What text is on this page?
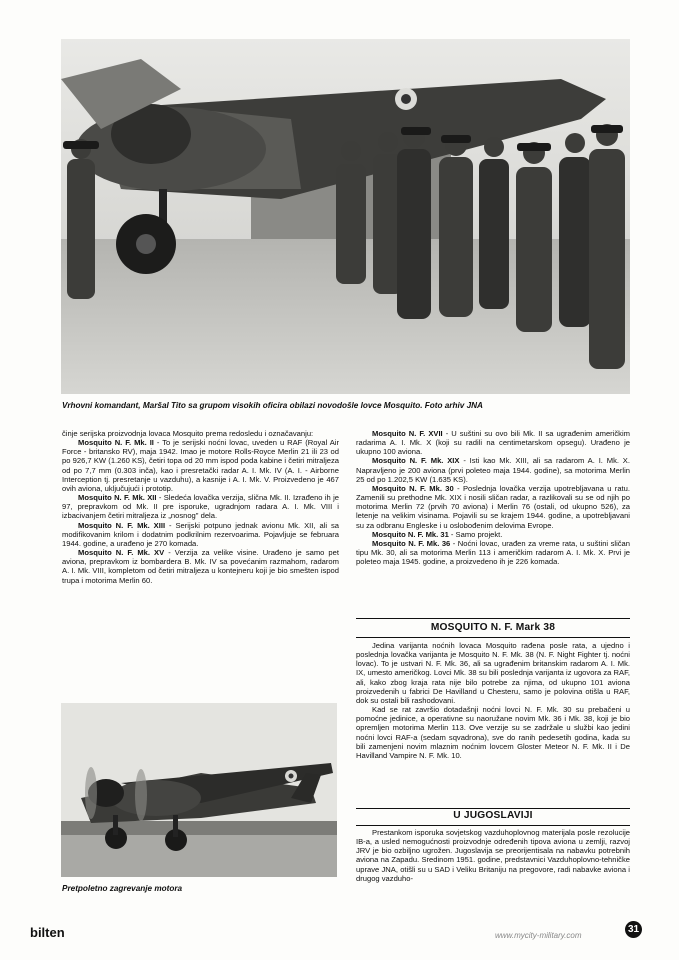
Vrhovni komandant, Maršal Tito sa grupom visokih oficira obilazi novodošle lovce Mosquito. Foto arhiv JNA

činje serijska proizvodnja lovaca Mosquito prema redosledu i označavanju:

Mosquito N. F. Mk. II - To je serijski noćni lovac, uveden u RAF (Royal Air Force - britansko RV), maja 1942. Imao je motore Rolls-Royce Merlin 21 ili 23 od po 926,7 KW (1.260 KS), četiri topa od 20 mm ispod poda kabine i četiri mitraljeza od po 7,7 mm (0.303 inča), kao i presretački radar A. I. Mk. IV (A. I. - Airborne Interception tj. presretanje u vazduhu), a kasnije i A. I. Mk. V. Proizvedeno je 467 ovih aviona, uključujući i prototip.

Mosquito N. F. Mk. XII - Sledeća lovačka verzija, slična Mk. II. Izrađeno ih je 97, prepravkom od Mk. II pre isporuke, ugradnjom radara A. I. Mk. VIII i izbacivanjem četiri mitraljeza iz „nosnog" dela.

Mosquito N. F. Mk. XIII - Serijski potpuno jednak avionu Mk. XII, ali sa modifikovanim krilom i dodatnim podkrilnim rezervoarima. Pojavljuje se februara 1944. godine, a urađeno je 270 komada.

Mosquito N. F. Mk. XV - Verzija za velike visine. Urađeno je samo pet aviona, prepravkom iz bombardera B. Mk. IV sa povećanim razmahom, radarom A. I. Mk. VIII, kompletom od četiri mitraljeza u kontejneru koji je bio smešten ispod trupa i motorima Merlin 60.

Pretpoletno zagrevanje motora

Mosquito N. F. XVII - U suštini su ovo bili Mk. II sa ugrađenim američkim radarima A. I. Mk. X (koji su radili na centimetarskom opsegu). Urađeno je ukupno 100 aviona.

Mosquito N. F. Mk. XIX - Isti kao Mk. XIII, ali sa radarom A. I. Mk. X. Napravljeno je 200 aviona (prvi poleteo maja 1944. godine), sa motorima Merlin 25 od po 1.202,5 KW (1.635 KS).

Mosquito N. F. Mk. 30 - Poslednja lovačka verzija upotrebljavana u ratu. Zamenili su prethodne Mk. XIX i nosili sličan radar, a razlikovali su se od njih po motorima Merlin 72 (prvih 70 aviona) i Merlin 76 (ostali, od ukupno 526), za letenje na velikim visinama. Pojavili su se krajem 1944. godine, a upotrebljavani su za odbranu Engleske i u oslobođenim delovima Evrope.

Mosquito N. F. Mk. 31 - Samo projekt.

Mosquito N. F. Mk. 36 - Noćni lovac, urađen za vreme rata, u suštini sličan tipu Mk. 30, ali sa motorima Merlin 113 i američkim radarom A. I. Mk. X. Prvi je poleteo maja 1945. godine, a proizvedeno ih je 226 komada.

MOSQUITO N. F. Mark 38

Jedina varijanta noćnih lovaca Mosquito rađena posle rata, a ujedno i poslednja lovačka varijanta je Mosquito N. F. Mk. 38 (N. F. Night Fighter tj. noćni lovac). To je ustvari N. F. Mk. 36, ali sa ugrađenim britanskim radarom A. I. Mk. IX, umesto američkog. Lovci Mk. 38 su bili poslednja varijanta iz ugovora za RAF, ali, kako zbog kraja rata nije bilo potrebe za njima, od ukupno 101 aviona proizvedenih u fabrici De Havilland u Chesteru, samo je polovina otišla u RAF, dok su ostali bili rashodovani.

Kad se rat završio dotadašnji noćni lovci N. F. Mk. 30 su prebačeni u pomoćne jedinice, a operativne su naoružane novim Mk. 36 i Mk. 38, koji je bio opremljen motorima Merlin 113. Ove verzije su se zadržale u službi kao jedini noćni lovci RAF-a (sedam sqvadrona), sve do ranih pedesetih godina, kada su bili zamenjeni novim mlaznim noćnim lovcem Gloster Meteor N. F. Mk. II i De Havilland Vampire N. F. Mk. 10.

U JUGOSLAVIJI

Prestankom isporuka sovjetskog vazduhoplovnog materijala posle rezolucije IB-a, a usled nemogućnosti proizvodnje određenih tipova aviona u zemlji, razvoj JRV je bio ozbiljno ugrožen. Jugoslavija se preorijentisala na nabavku potrebnih aviona na Zapadu. Sredinom 1951. godine, predstavnici Vazduhoplovno-tehničke uprave JNA, otišli su u SAD i Veliku Britaniju na pregovore, radi nabavke aviona i drugog vazduho-

bilten	www.mycity-military.com
31
